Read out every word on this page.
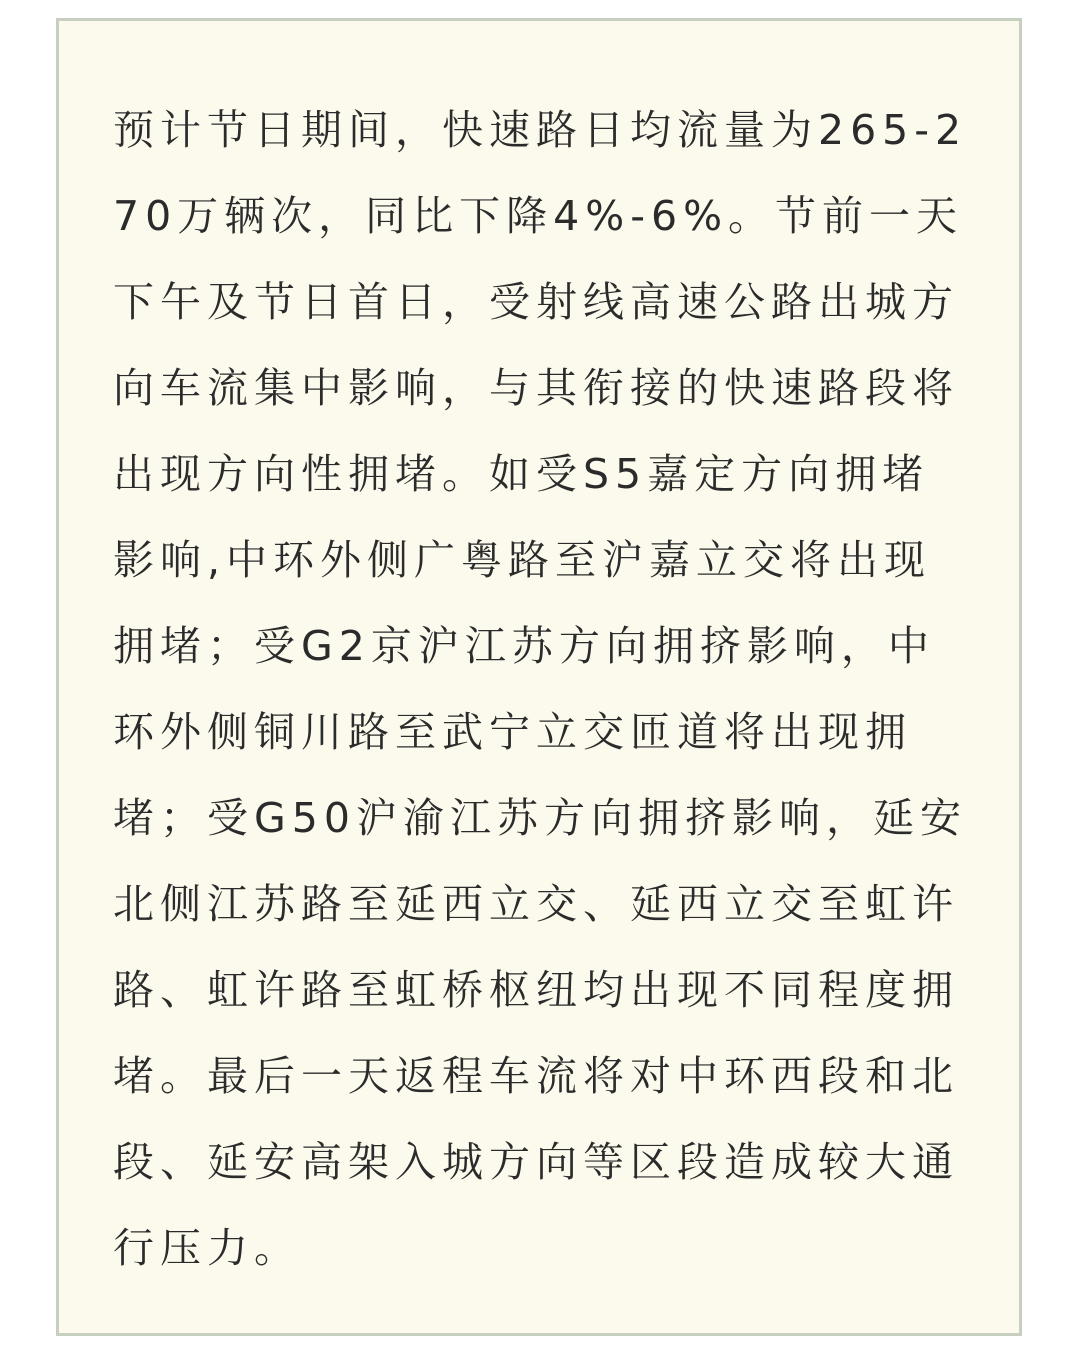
预计节日期间，快速路日均流量为265-270万辆次，同比下降4%-6%。节前一天下午及节日首日，受射线高速公路出城方向车流集中影响，与其衔接的快速路段将出现方向性拥堵。如受S5嘉定方向拥堵影响,中环外侧广粤路至沪嘉立交将出现拥堵；受G2京沪江苏方向拥挤影响，中环外侧铜川路至武宁立交匝道将出现拥堵；受G50沪渝江苏方向拥挤影响，延安北侧江苏路至延西立交、延西立交至虹许路、虹许路至虹桥枢纽均出现不同程度拥堵。最后一天返程车流将对中环西段和北段、延安高架入城方向等区段造成较大通行压力。
